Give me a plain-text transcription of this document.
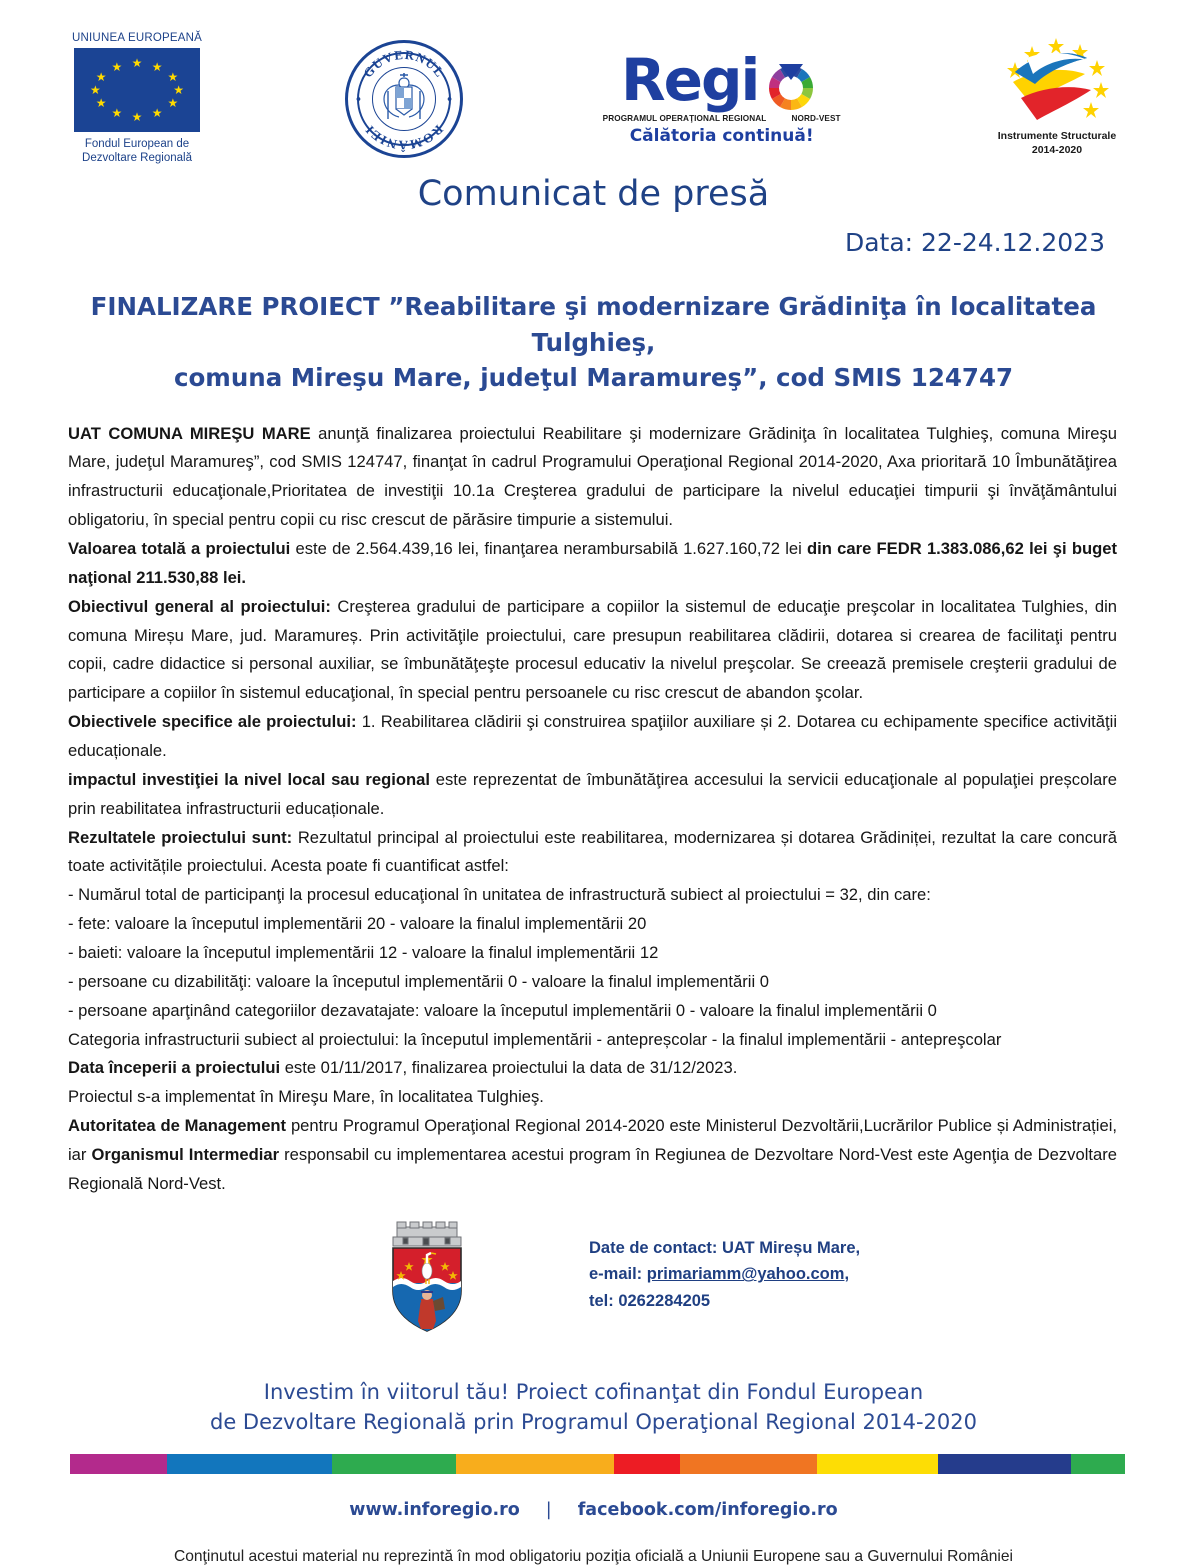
UNIUNEA EUROPEANĂ
★ ★
★
★
★
★
★
★
★
★
★
★
Fondul European de
Dezvoltare Regională
GUVERNUL
ROMÂNIEI
Regi
PROGRAMUL OPERAŢIONAL REGIONAL	NORD-VEST
Călătoria continuă!	Instrumente Structurale
2014-2020
Comunicat de presă
Data: 22-24.12.2023
FINALIZARE PROIECT ”Reabilitare şi modernizare Grădiniţa în localitatea Tulghieş,
comuna Mireşu Mare, judeţul Maramureş”, cod SMIS 124747

UAT COMUNA MIREŞU MARE anunţă finalizarea proiectului Reabilitare şi modernizare Grădiniţa în localitatea Tulghieş, comuna Mireşu Mare, judeţul Maramureş”, cod SMIS 124747, finanţat în cadrul Programului Operaţional Regional 2014-2020, Axa prioritară 10 Îmbunătăţirea infrastructurii educaţionale,Prioritatea de investiţii 10.1a Creşterea gradului de participare la nivelul educaţiei timpurii şi învăţământului obligatoriu, în special pentru copii cu risc crescut de părăsire timpurie a sistemului.

Valoarea totală a proiectului este de 2.564.439,16 lei, finanţarea nerambursabilă 1.627.160,72 lei din care FEDR 1.383.086,62 lei şi buget naţional 211.530,88 lei.

Obiectivul general al proiectului: Creşterea gradului de participare a copiilor la sistemul de educaţie preşcolar in localitatea Tulghies, din comuna Mireșu Mare, jud. Maramureș. Prin activităţile proiectului, care presupun reabilitarea clădirii, dotarea si crearea de facilitaţi pentru copii, cadre didactice si personal auxiliar, se îmbunătăţeşte procesul educativ la nivelul preşcolar. Se creează premisele creşterii gradului de participare a copiilor în sistemul educaţional, în special pentru persoanele cu risc crescut de abandon şcolar.

Obiectivele specifice ale proiectului: 1. Reabilitarea clădirii şi construirea spaţiilor auxiliare și 2. Dotarea cu echipamente specifice activităţii educaționale.

impactul investiţiei la nivel local sau regional este reprezentat de îmbunătăţirea accesului la servicii educaţionale al populaţiei preșcolare prin reabilitatea infrastructurii educaționale.

Rezultatele proiectului sunt: Rezultatul principal al proiectului este reabilitarea, modernizarea și dotarea Grădiniței, rezultat la care concură toate activitățile proiectului. Acesta poate fi cuantificat astfel:

- Numărul total de participanţi la procesul educaţional în unitatea de infrastructură subiect al proiectului = 32, din care:

- fete: valoare la începutul implementării 20 - valoare la finalul implementării 20

- baieti: valoare la începutul implementării 12 - valoare la finalul implementării 12

- persoane cu dizabilităţi: valoare la începutul implementării 0 - valoare la finalul implementării 0

- persoane aparţinând categoriilor dezavatajate: valoare la începutul implementării 0 - valoare la finalul implementării 0

Categoria infrastructurii subiect al proiectului: la începutul implementării - antepreșcolar - la finalul implementării - antepreşcolar

Data începerii a proiectului este 01/11/2017, finalizarea proiectului la data de 31/12/2023.

Proiectul s-a implementat în Mireşu Mare, în localitatea Tulghieş.

Autoritatea de Management pentru Programul Operaţional Regional 2014-2020 este Ministerul Dezvoltării,Lucrărilor Publice și Administrației, iar Organismul Intermediar responsabil cu implementarea acestui program în Regiunea de Dezvoltare Nord-Vest este Agenţia de Dezvoltare Regională Nord-Vest.

Date de contact: UAT Mireșu Mare,
e-mail: primariamm@yahoo.com,
tel: 0262284205
Investim în viitorul tău! Proiect cofinanţat din Fondul European
de Dezvoltare Regională prin Programul Operaţional Regional 2014-2020
www.inforegio.ro | facebook.com/inforegio.ro
Conţinutul acestui material nu reprezintă în mod obligatoriu poziţia oficială a Uniunii Europene sau a Guvernului României
